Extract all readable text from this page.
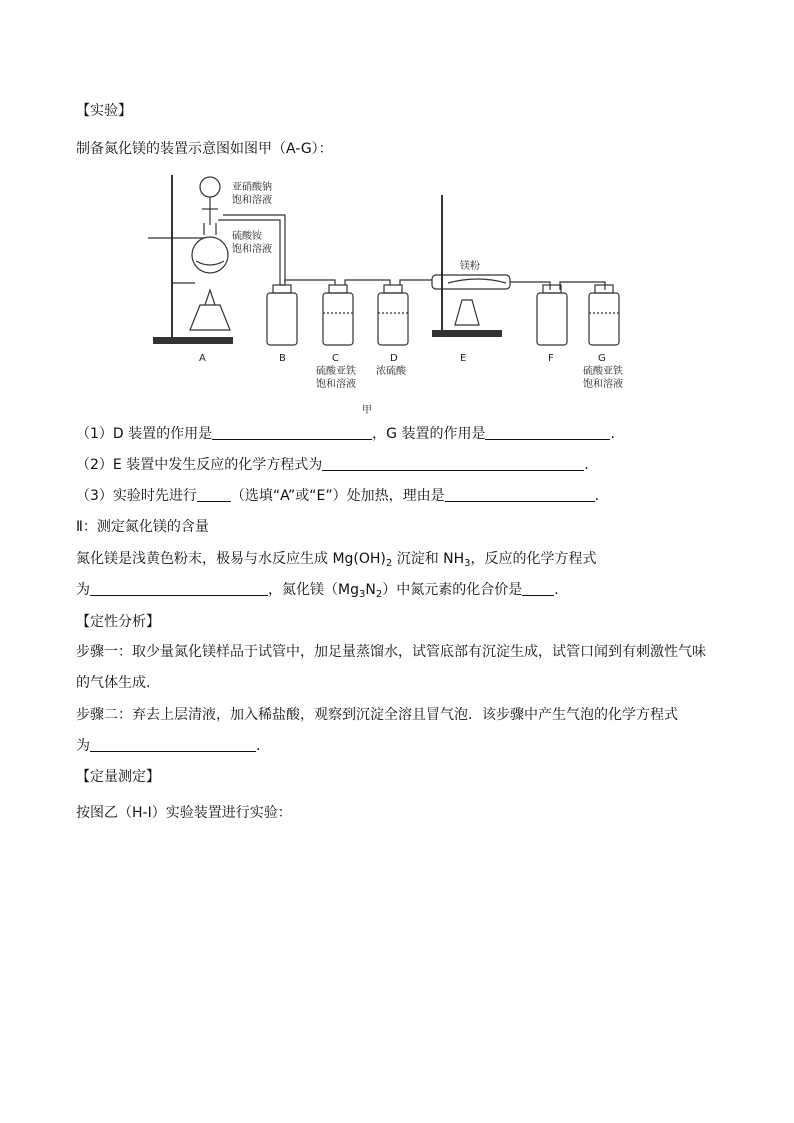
【实验】
制备氮化镁的装置示意图如图甲（A-G）：
亚硝酸钠
饱和溶液
硫酸铵
饱和溶液
镁粉
A	B	C
硫酸亚铁
饱和溶液
D
浓硫酸
E	F	G
硫酸亚铁
饱和溶液
甲
（1）D 装置的作用是	，G 装置的作用是	.
（2）E 装置中发生反应的化学方程式为	.
（3）实验时先进行 （选填“A”或“E”）处加热，理由是	.
Ⅱ：测定氮化镁的含量
氮化镁是浅黄色粉末，极易与水反应生成 $Mg(OH)_2$ 沉淀和 $NH_3$，反应的化学方程式
为	，氮化镁$(Mg_3N_2)$中氮元素的化合价是 .
【定性分析】
步骤一：取少量氮化镁样品于试管中，加足量蒸馏水，试管底部有沉淀生成，试管口闻到有刺激性气味
的气体生成.
步骤二：弃去上层清液，加入稀盐酸，观察到沉淀全溶且冒气泡．该步骤中产生气泡的化学方程式
为	.
【定量测定】
按图乙（H-I）实验装置进行实验：
